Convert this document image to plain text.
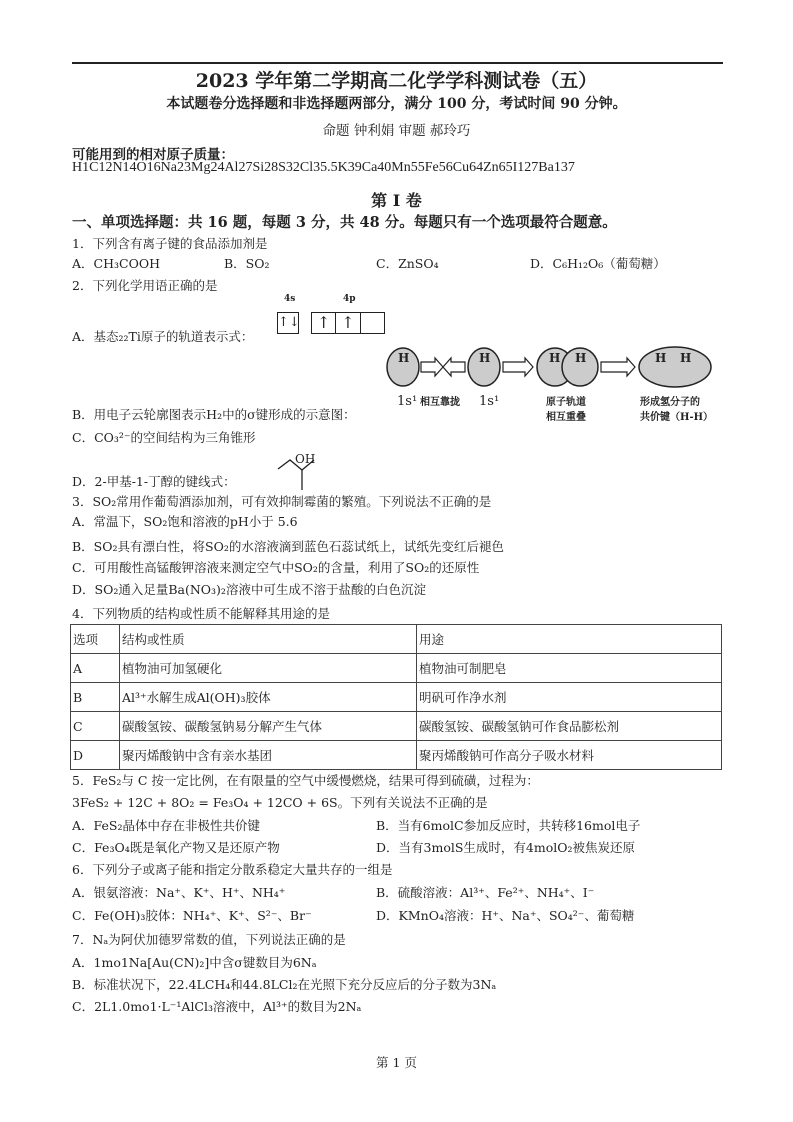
2023 学年第二学期高二化学学科测试卷（五）
本试题卷分选择题和非选择题两部分，满分 100 分，考试时间 90 分钟。
命题 钟利娟 审题 郝玲巧
可能用到的相对原子质量：
H1C12N14O16Na23Mg24Al27Si28S32Cl35.5K39Ca40Mn55Fe56Cu64Zn65I127Ba137
第 I 卷
一、单项选择题：共 16 题，每题 3 分，共 48 分。每题只有一个选项最符合题意。
1．下列含有离子键的食品添加剂是
A．CH₃COOH	B．SO₂	C．ZnSO₄	D．C₆H₁₂O₆（葡萄糖）
2．下列化学用语正确的是
A．基态₂₂Ti原子的轨道表示式：
4s	4p
↑↓	↑ ↑
H	H	H H	H H
1s¹ 相互靠拢 1s¹	原子轨道
相互重叠
形成氢分子的
共价键（H-H）
B．用电子云轮廓图表示H₂中的σ键形成的示意图：
C．CO₃²⁻的空间结构为三角锥形
D．2-甲基-1-丁醇的键线式：
OH
3．SO₂常用作葡萄酒添加剂，可有效抑制霉菌的繁殖。下列说法不正确的是
A．常温下，SO₂饱和溶液的pH小于 5.6
B．SO₂具有漂白性，将SO₂的水溶液滴到蓝色石蕊试纸上，试纸先变红后褪色
C．可用酸性高锰酸钾溶液来测定空气中SO₂的含量，利用了SO₂的还原性
D．SO₂通入足量Ba(NO₃)₂溶液中可生成不溶于盐酸的白色沉淀
4．下列物质的结构或性质不能解释其用途的是
选项	结构或性质	用途
A	植物油可加氢硬化	植物油可制肥皂
B	Al³⁺水解生成Al(OH)₃胶体	明矾可作净水剂
C	碳酸氢铵、碳酸氢钠易分解产生气体	碳酸氢铵、碳酸氢钠可作食品膨松剂
D	聚丙烯酸钠中含有亲水基团	聚丙烯酸钠可作高分子吸水材料
5．FeS₂与 C 按一定比例，在有限量的空气中缓慢燃烧，结果可得到硫磺，过程为：
3FeS₂ + 12C + 8O₂ = Fe₃O₄ + 12CO + 6S。下列有关说法不正确的是
A．FeS₂晶体中存在非极性共价键	B．当有6molC参加反应时，共转移16mol电子
C．Fe₃O₄既是氧化产物又是还原产物	D．当有3molS生成时，有4molO₂被焦炭还原
6．下列分子或离子能和指定分散系稳定大量共存的一组是
A．银氨溶液：Na⁺、K⁺、H⁺、NH₄⁺	B．硫酸溶液：Al³⁺、Fe²⁺、NH₄⁺、I⁻
C．Fe(OH)₃胶体：NH₄⁺、K⁺、S²⁻、Br⁻	D．KMnO₄溶液：H⁺、Na⁺、SO₄²⁻、葡萄糖
7．Nₐ为阿伏加德罗常数的值，下列说法正确的是
A．1mo1Na[Au(CN)₂]中含σ键数目为6Nₐ
B．标准状况下，22.4LCH₄和44.8LCl₂在光照下充分反应后的分子数为3Nₐ
C．2L1.0mo1·L⁻¹AlCl₃溶液中，Al³⁺的数目为2Nₐ
第 1 页
